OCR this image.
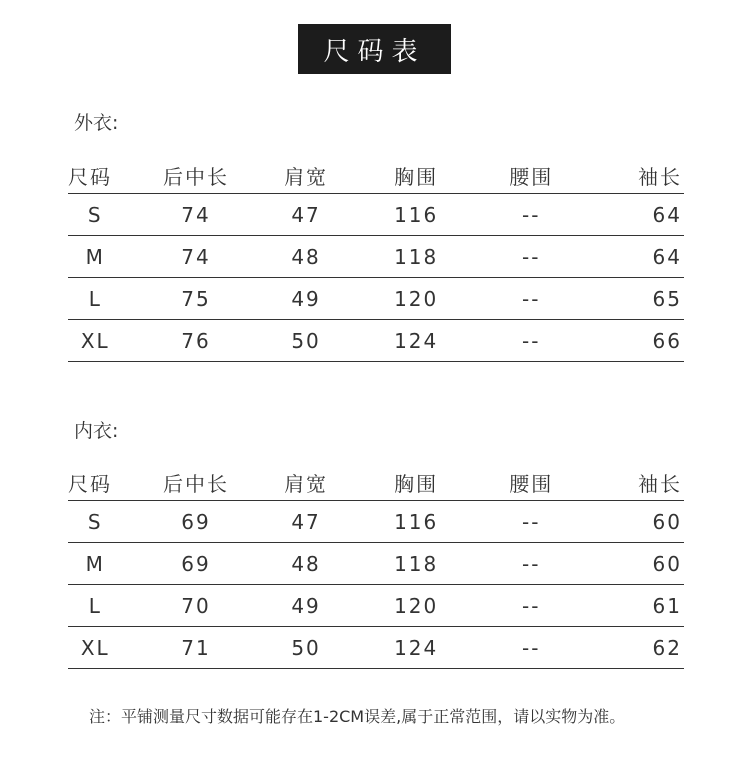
尺码表
外衣:
尺码	后中长	肩宽	胸围	腰围	袖长
S	74	47	116	--	64
M	74	48	118	--	64
L	75	49	120	--	65
XL	76	50	124	--	66
内衣:
尺码	后中长	肩宽	胸围	腰围	袖长
S	69	47	116	--	60
M	69	48	118	--	60
L	70	49	120	--	61
XL	71	50	124	--	62
注：平铺测量尺寸数据可能存在1-2CM误差,属于正常范围，请以实物为准。
